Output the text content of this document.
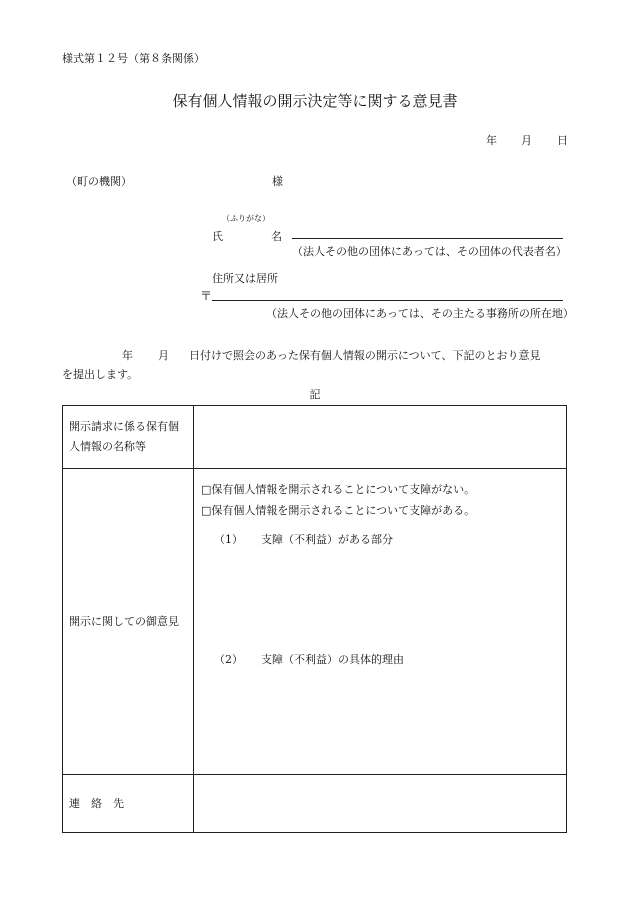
様式第１２号（第８条関係）
保有個人情報の開示決定等に関する意見書
年 月 日
（町の機関）	様
（ふりがな）
氏	名
（法人その他の団体にあっては、その団体の代表者名）
住所又は居所
〒
（法人その他の団体にあっては、その主たる事務所の所在地）
年 月 日付けで照会のあった保有個人情報の開示について、下記のとおり意見
を提出します。
記
開示請求に係る保有個人情報の名称等	
開示に関しての御意見	□保有個人情報を開示されることについて支障がない。
□保有個人情報を開示されることについて支障がある。
（1） 支障（不利益）がある部分
（2） 支障（不利益）の具体的理由

連　絡　先	
